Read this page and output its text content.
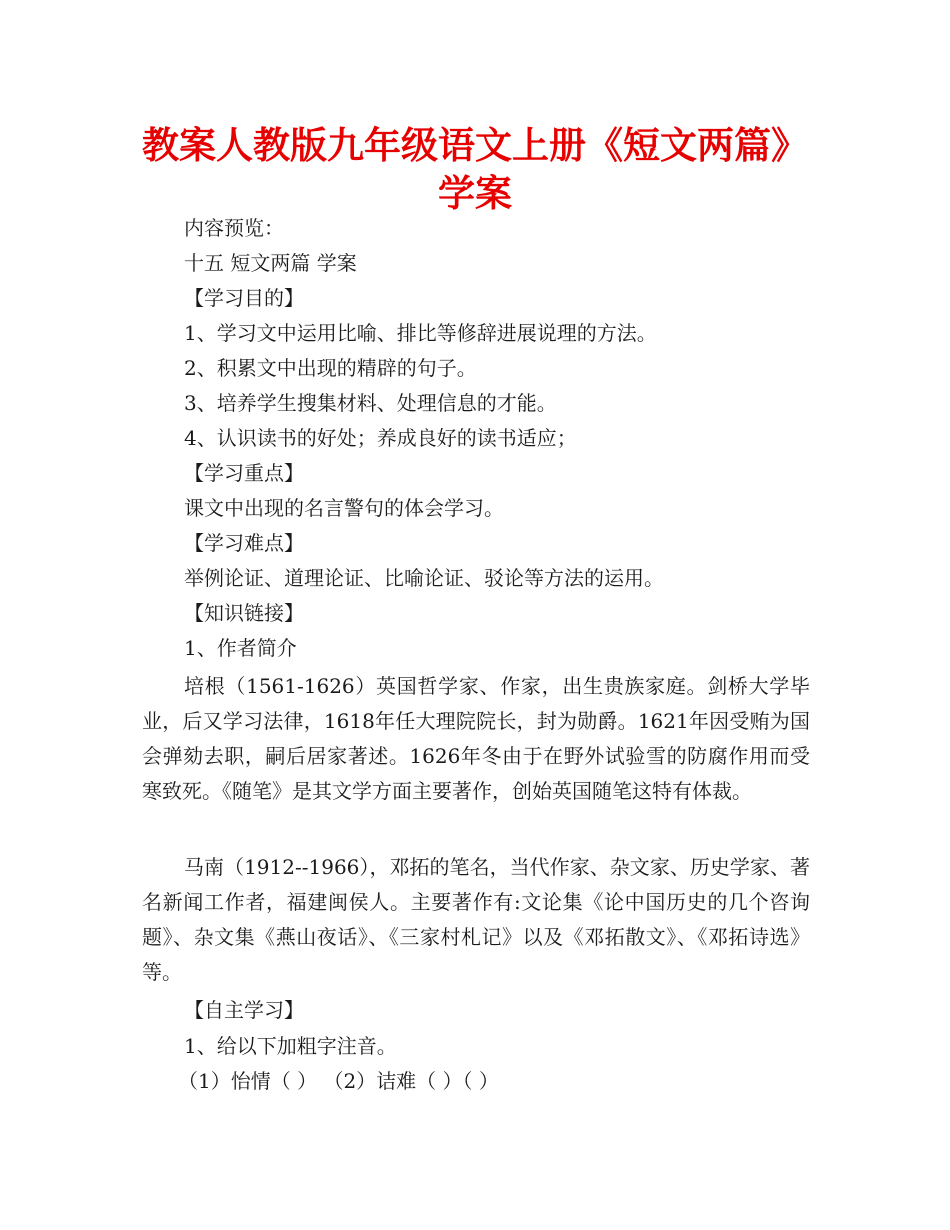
教案人教版九年级语文上册《短文两篇》
学案

内容预览：

十五 短文两篇 学案

【学习目的】

1、学习文中运用比喻、排比等修辞进展说理的方法。

2、积累文中出现的精辟的句子。

3、培养学生搜集材料、处理信息的才能。

4、认识读书的好处；养成良好的读书适应；

【学习重点】

课文中出现的名言警句的体会学习。

【学习难点】

举例论证、道理论证、比喻论证、驳论等方法的运用。

【知识链接】

1、作者简介

培根（1561-1626）英国哲学家、作家，出生贵族家庭。剑桥大学毕业，后又学习法律，1618年任大理院院长，封为勋爵。1621年因受贿为国会弹劾去职，嗣后居家著述。1626年冬由于在野外试验雪的防腐作用而受寒致死。《随笔》是其文学方面主要著作，创始英国随笔这特有体裁。

马南（1912--1966），邓拓的笔名，当代作家、杂文家、历史学家、著名新闻工作者，福建闽侯人。主要著作有:文论集《论中国历史的几个咨询题》、杂文集《燕山夜话》、《三家村札记》以及《邓拓散文》、《邓拓诗选》等。

【自主学习】

1、给以下加粗字注音。

（1）怡情（ ） （2）诘难（ ）（ ）
